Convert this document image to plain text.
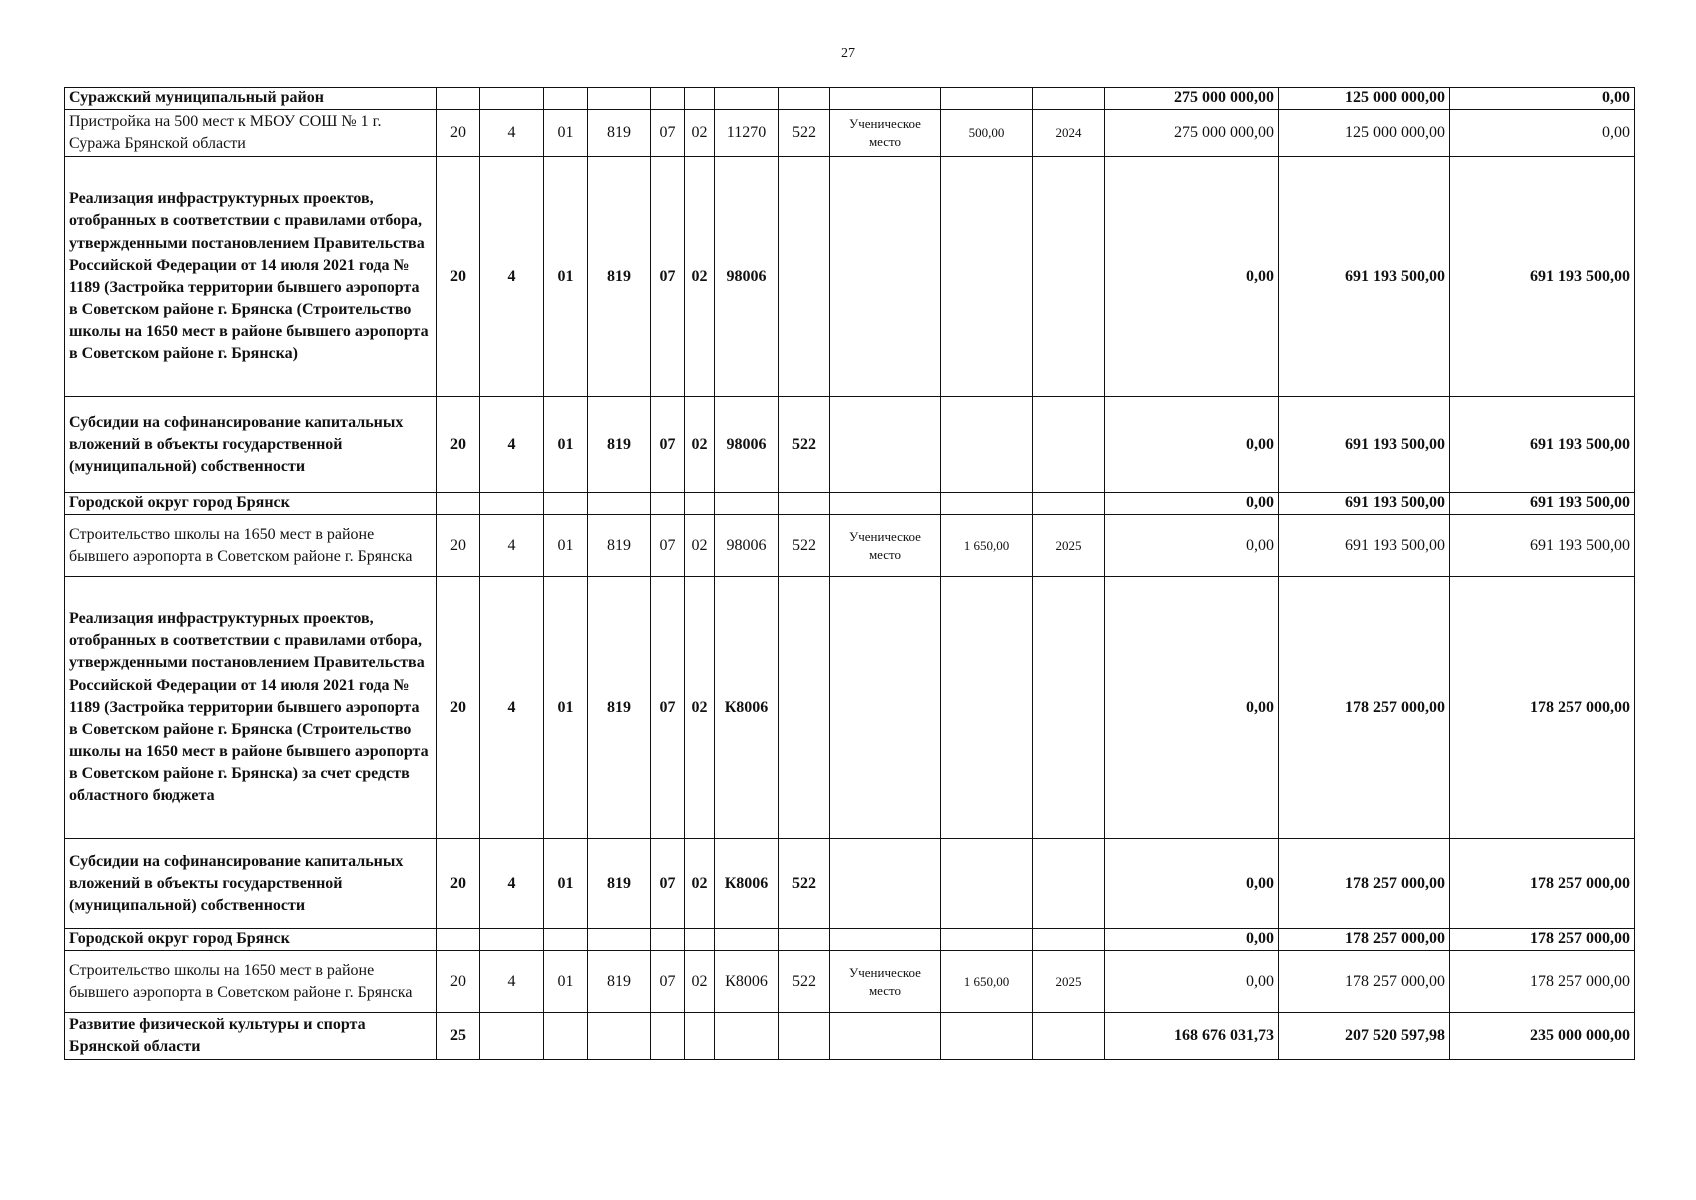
27
Суражский муниципальный район												275 000 000,00	125 000 000,00	0,00
Пристройка на 500 мест к МБОУ СОШ № 1 г. Суража Брянской области	20	4	01	819	07	02	11270	522	Ученическое место	500,00	2024	275 000 000,00	125 000 000,00	0,00
Реализация инфраструктурных проектов, отобранных в соответствии с правилами отбора, утвержденными постановлением Правительства Российской Федерации от 14 июля 2021 года № 1189 (Застройка территории бывшего аэропорта в Советском районе г. Брянска (Строительство школы на 1650 мест в районе бывшего аэропорта в Советском районе г. Брянска)	20	4	01	819	07	02	98006					0,00	691 193 500,00	691 193 500,00
Субсидии на софинансирование капитальных вложений в объекты государственной (муниципальной) собственности	20	4	01	819	07	02	98006	522				0,00	691 193 500,00	691 193 500,00
Городской округ город Брянск												0,00	691 193 500,00	691 193 500,00
Строительство школы на 1650 мест в районе бывшего аэропорта в Советском районе г. Брянска	20	4	01	819	07	02	98006	522	Ученическое место	1 650,00	2025	0,00	691 193 500,00	691 193 500,00
Реализация инфраструктурных проектов, отобранных в соответствии с правилами отбора, утвержденными постановлением Правительства Российской Федерации от 14 июля 2021 года № 1189 (Застройка территории бывшего аэропорта в Советском районе г. Брянска (Строительство школы на 1650 мест в районе бывшего аэропорта в Советском районе г. Брянска) за счет средств областного бюджета	20	4	01	819	07	02	К8006					0,00	178 257 000,00	178 257 000,00
Субсидии на софинансирование капитальных вложений в объекты государственной (муниципальной) собственности	20	4	01	819	07	02	К8006	522				0,00	178 257 000,00	178 257 000,00
Городской округ город Брянск												0,00	178 257 000,00	178 257 000,00
Строительство школы на 1650 мест в районе бывшего аэропорта в Советском районе г. Брянска	20	4	01	819	07	02	К8006	522	Ученическое место	1 650,00	2025	0,00	178 257 000,00	178 257 000,00
Развитие физической культуры и спорта Брянской области	25											168 676 031,73	207 520 597,98	235 000 000,00
